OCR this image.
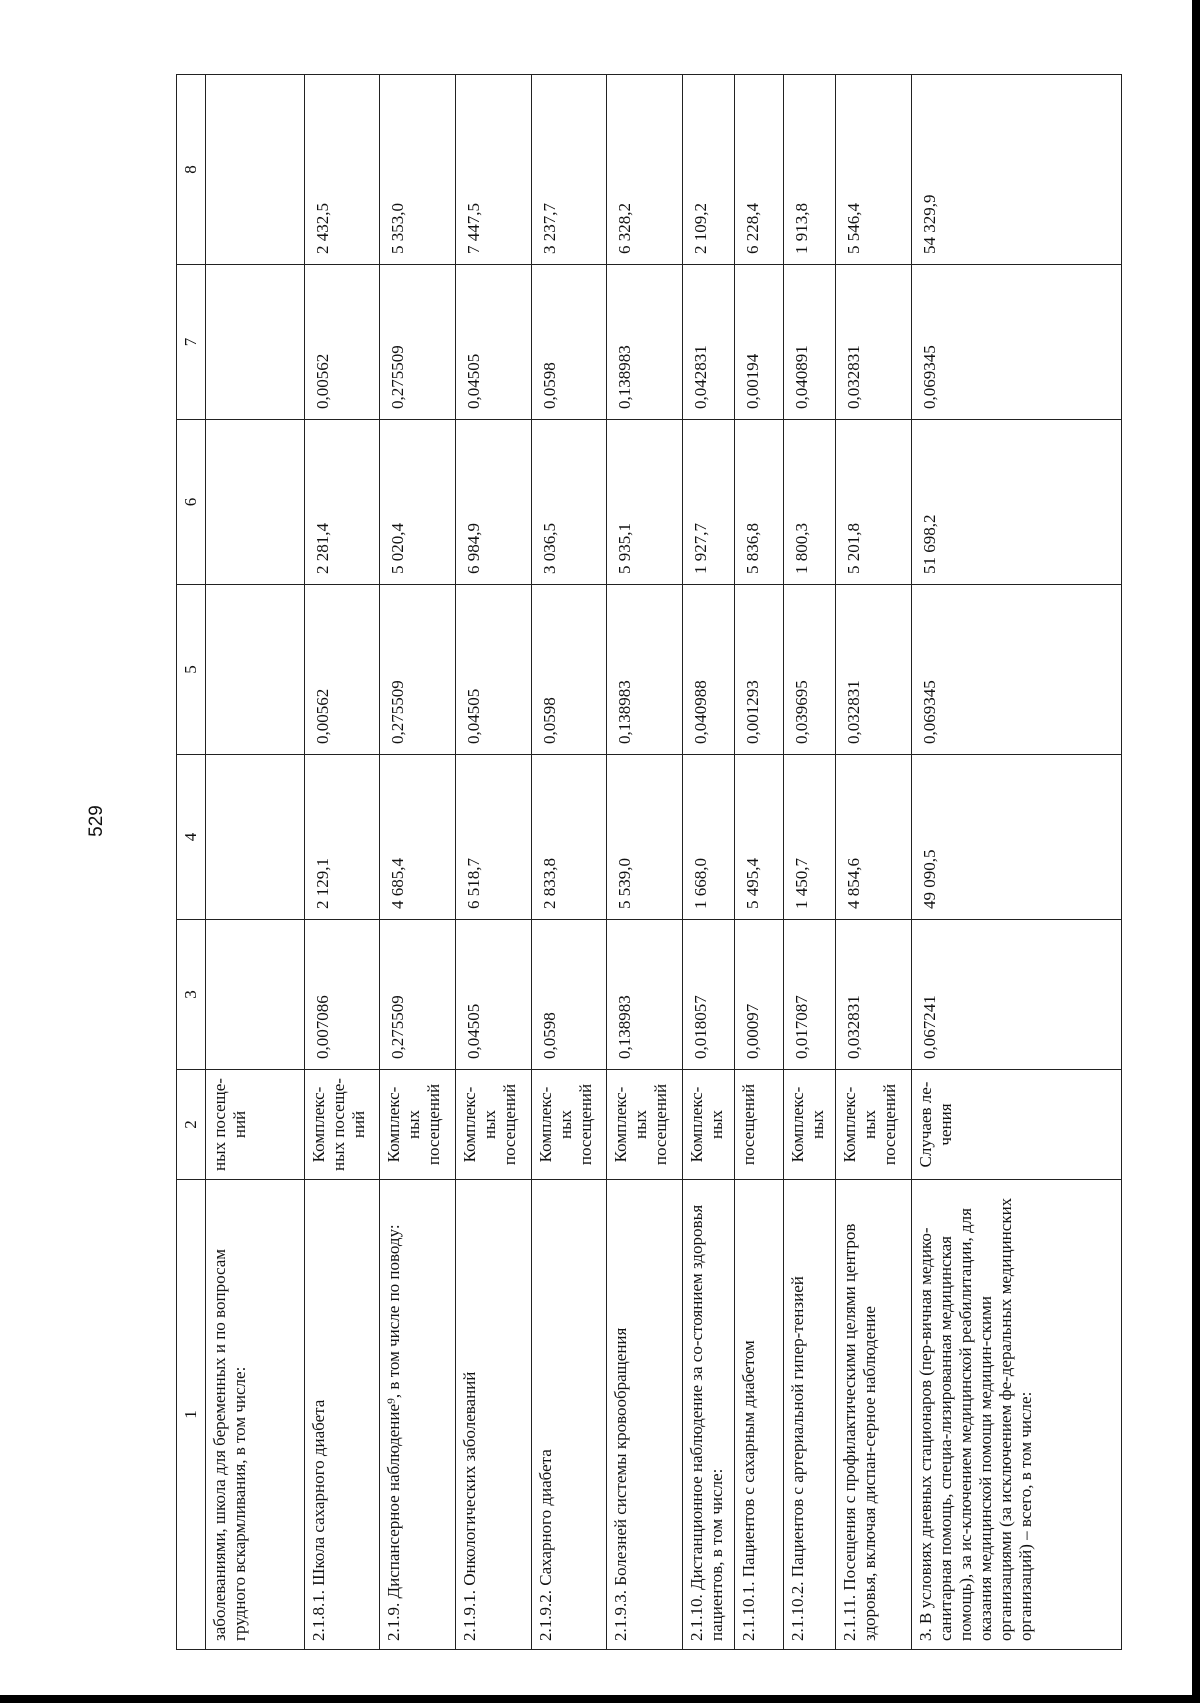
529
1	2	3	4	5	6	7	8
заболеваниями, школа для беременных и по вопросам грудного вскармливания, в том числе:	ных посеще-ний						
2.1.8.1. Школа сахарного диабета	Комплекс-ных посеще-ний	0,007086	2 129,1	0,00562	2 281,4	0,00562	2 432,5
2.1.9. Диспансерное наблюдение⁹, в том числе по поводу:	Комплекс-ных посещений	0,275509	4 685,4	0,275509	5 020,4	0,275509	5 353,0
2.1.9.1. Онкологических заболеваний	Комплекс-ных посещений	0,04505	6 518,7	0,04505	6 984,9	0,04505	7 447,5
2.1.9.2. Сахарного диабета	Комплекс-ных посещений	0,0598	2 833,8	0,0598	3 036,5	0,0598	3 237,7
2.1.9.3. Болезней системы кровообращения	Комплекс-ных посещений	0,138983	5 539,0	0,138983	5 935,1	0,138983	6 328,2
2.1.10. Дистанционное наблюдение за со-стоянием здоровья пациентов, в том числе:	Комплекс-ных	0,018057	1 668,0	0,040988	1 927,7	0,042831	2 109,2
2.1.10.1. Пациентов с сахарным диабетом	посещений	0,00097	5 495,4	0,001293	5 836,8	0,00194	6 228,4
2.1.10.2. Пациентов с артериальной гипер-тензией	Комплекс-ных	0,017087	1 450,7	0,039695	1 800,3	0,040891	1 913,8
2.1.11. Посещения с профилактическими целями центров здоровья, включая диспан-серное наблюдение	Комплекс-ных посещений	0,032831	4 854,6	0,032831	5 201,8	0,032831	5 546,4
3. В условиях дневных стационаров (пер-вичная медико-санитарная помощь, специа-лизированная медицинская помощь), за ис-ключением медицинской реабилитации, для оказания медицинской помощи медицин-скими организациями (за исключением фе-деральных медицинских организаций) – всего, в том числе:	Случаев ле-чения	0,067241	49 090,5	0,069345	51 698,2	0,069345	54 329,9
